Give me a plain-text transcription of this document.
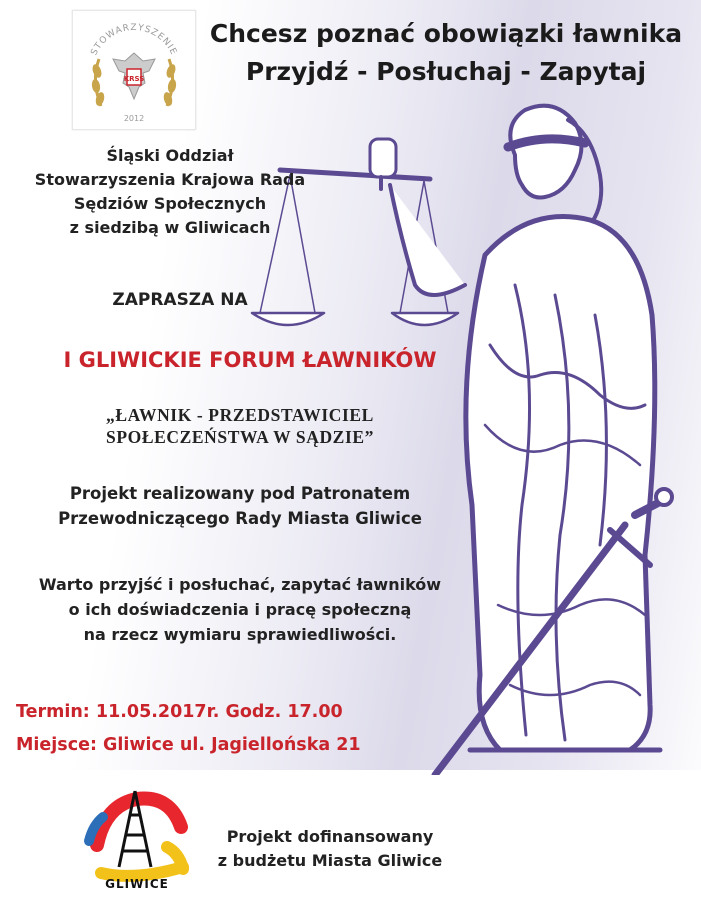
STOWARZYSZENIE
KRSS
2012
Chcesz poznać obowiązki ławnika
Przyjdź - Posłuchaj - Zapytaj
Śląski Oddział
Stowarzyszenia Krajowa Rada
Sędziów Społecznych
z siedzibą w Gliwicach
ZAPRASZA NA
I GLIWICKIE FORUM ŁAWNIKÓW
„ŁAWNIK - PRZEDSTAWICIEL
SPOŁECZEŃSTWA W SĄDZIE”
Projekt realizowany pod Patronatem
Przewodniczącego Rady Miasta Gliwice
Warto przyjść i posłuchać, zapytać ławników
o ich doświadczenia i pracę społeczną
na rzecz wymiaru sprawiedliwości.
Termin: 11.05.2017r. Godz. 17.00
Miejsce: Gliwice ul. Jagiellońska 21
GLIWICE
Projekt dofinansowany
z budżetu Miasta Gliwice
